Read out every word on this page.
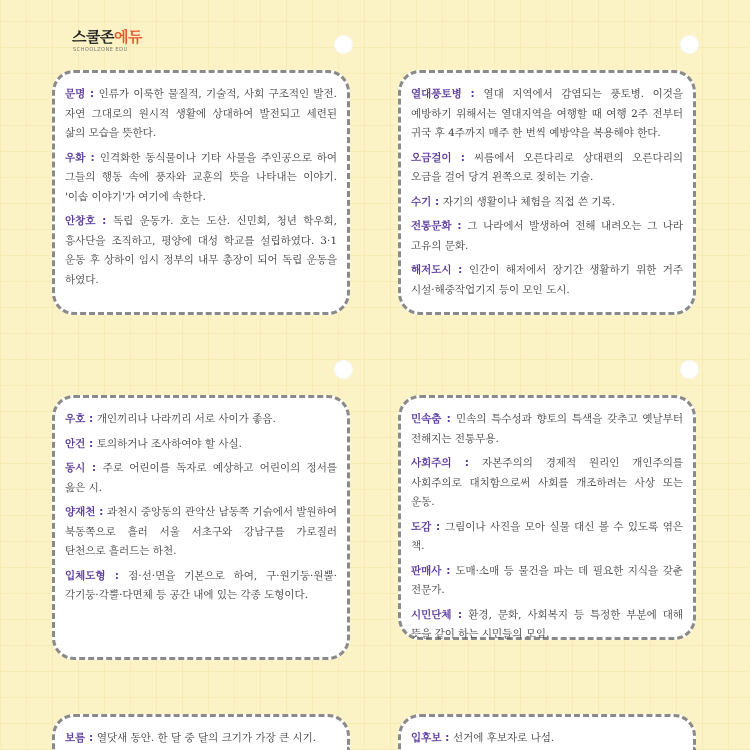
스쿨존에듀
SCHOOLZONE EDU

문명 : 인류가 이룩한 물질적, 기술적, 사회 구조적인 발전. 자연 그대로의 원시적 생활에 상대하여 발전되고 세련된 삶의 모습을 뜻한다.

우화 : 인격화한 동식물이나 기타 사물을 주인공으로 하여 그들의 행동 속에 풍자와 교훈의 뜻을 나타내는 이야기. '이솝 이야기'가 여기에 속한다.

안창호 : 독립 운동가. 호는 도산. 신민회, 청년 학우회, 흥사단을 조직하고, 평양에 대성 학교를 설립하였다. 3·1 운동 후 상하이 임시 정부의 내무 총장이 되어 독립 운동을 하였다.

열대풍토병 : 열대 지역에서 감염되는 풍토병. 이것을 예방하기 위해서는 열대지역을 여행할 때 여행 2주 전부터 귀국 후 4주까지 매주 한 번씩 예방약을 복용해야 한다.

오금걸이 : 씨름에서 오른다리로 상대편의 오른다리의 오금을 걸어 당겨 왼쪽으로 젖히는 기술.

수기 : 자기의 생활이나 체험을 직접 쓴 기록.

전통문화 : 그 나라에서 발생하여 전해 내려오는 그 나라 고유의 문화.

해저도시 : 인간이 해저에서 장기간 생활하기 위한 거주 시설·해중작업기지 등이 모인 도시.

우호 : 개인끼리나 나라끼리 서로 사이가 좋음.

안건 : 토의하거나 조사하여야 할 사실.

동시 : 주로 어린이를 독자로 예상하고 어린이의 정서를 읊은 시.

양재천 : 과천시 중앙동의 관악산 남동쪽 기슭에서 발원하여 북동쪽으로 흘러 서울 서초구와 강남구를 가로질러 탄천으로 흘러드는 하천.

입체도형 : 점·선·면을 기본으로 하여, 구·원기둥·원뿔·각기둥·각뿔·다면체 등 공간 내에 있는 각종 도형이다.

민속춤 : 민속의 특수성과 향토의 특색을 갖추고 옛날부터 전해지는 전통무용.

사회주의 : 자본주의의 경제적 원리인 개인주의를 사회주의로 대치함으로써 사회를 개조하려는 사상 또는 운동.

도감 : 그림이나 사진을 모아 실물 대신 볼 수 있도록 엮은 책.

판매사 : 도매·소매 등 물건을 파는 데 필요한 지식을 갖춘 전문가.

시민단체 : 환경, 문화, 사회복지 등 특정한 부분에 대해 뜻을 같이 하는 시민들의 모임.

보름 : 열닷새 동안. 한 달 중 달의 크기가 가장 큰 시기.	입후보 : 선거에 후보자로 나섬.
